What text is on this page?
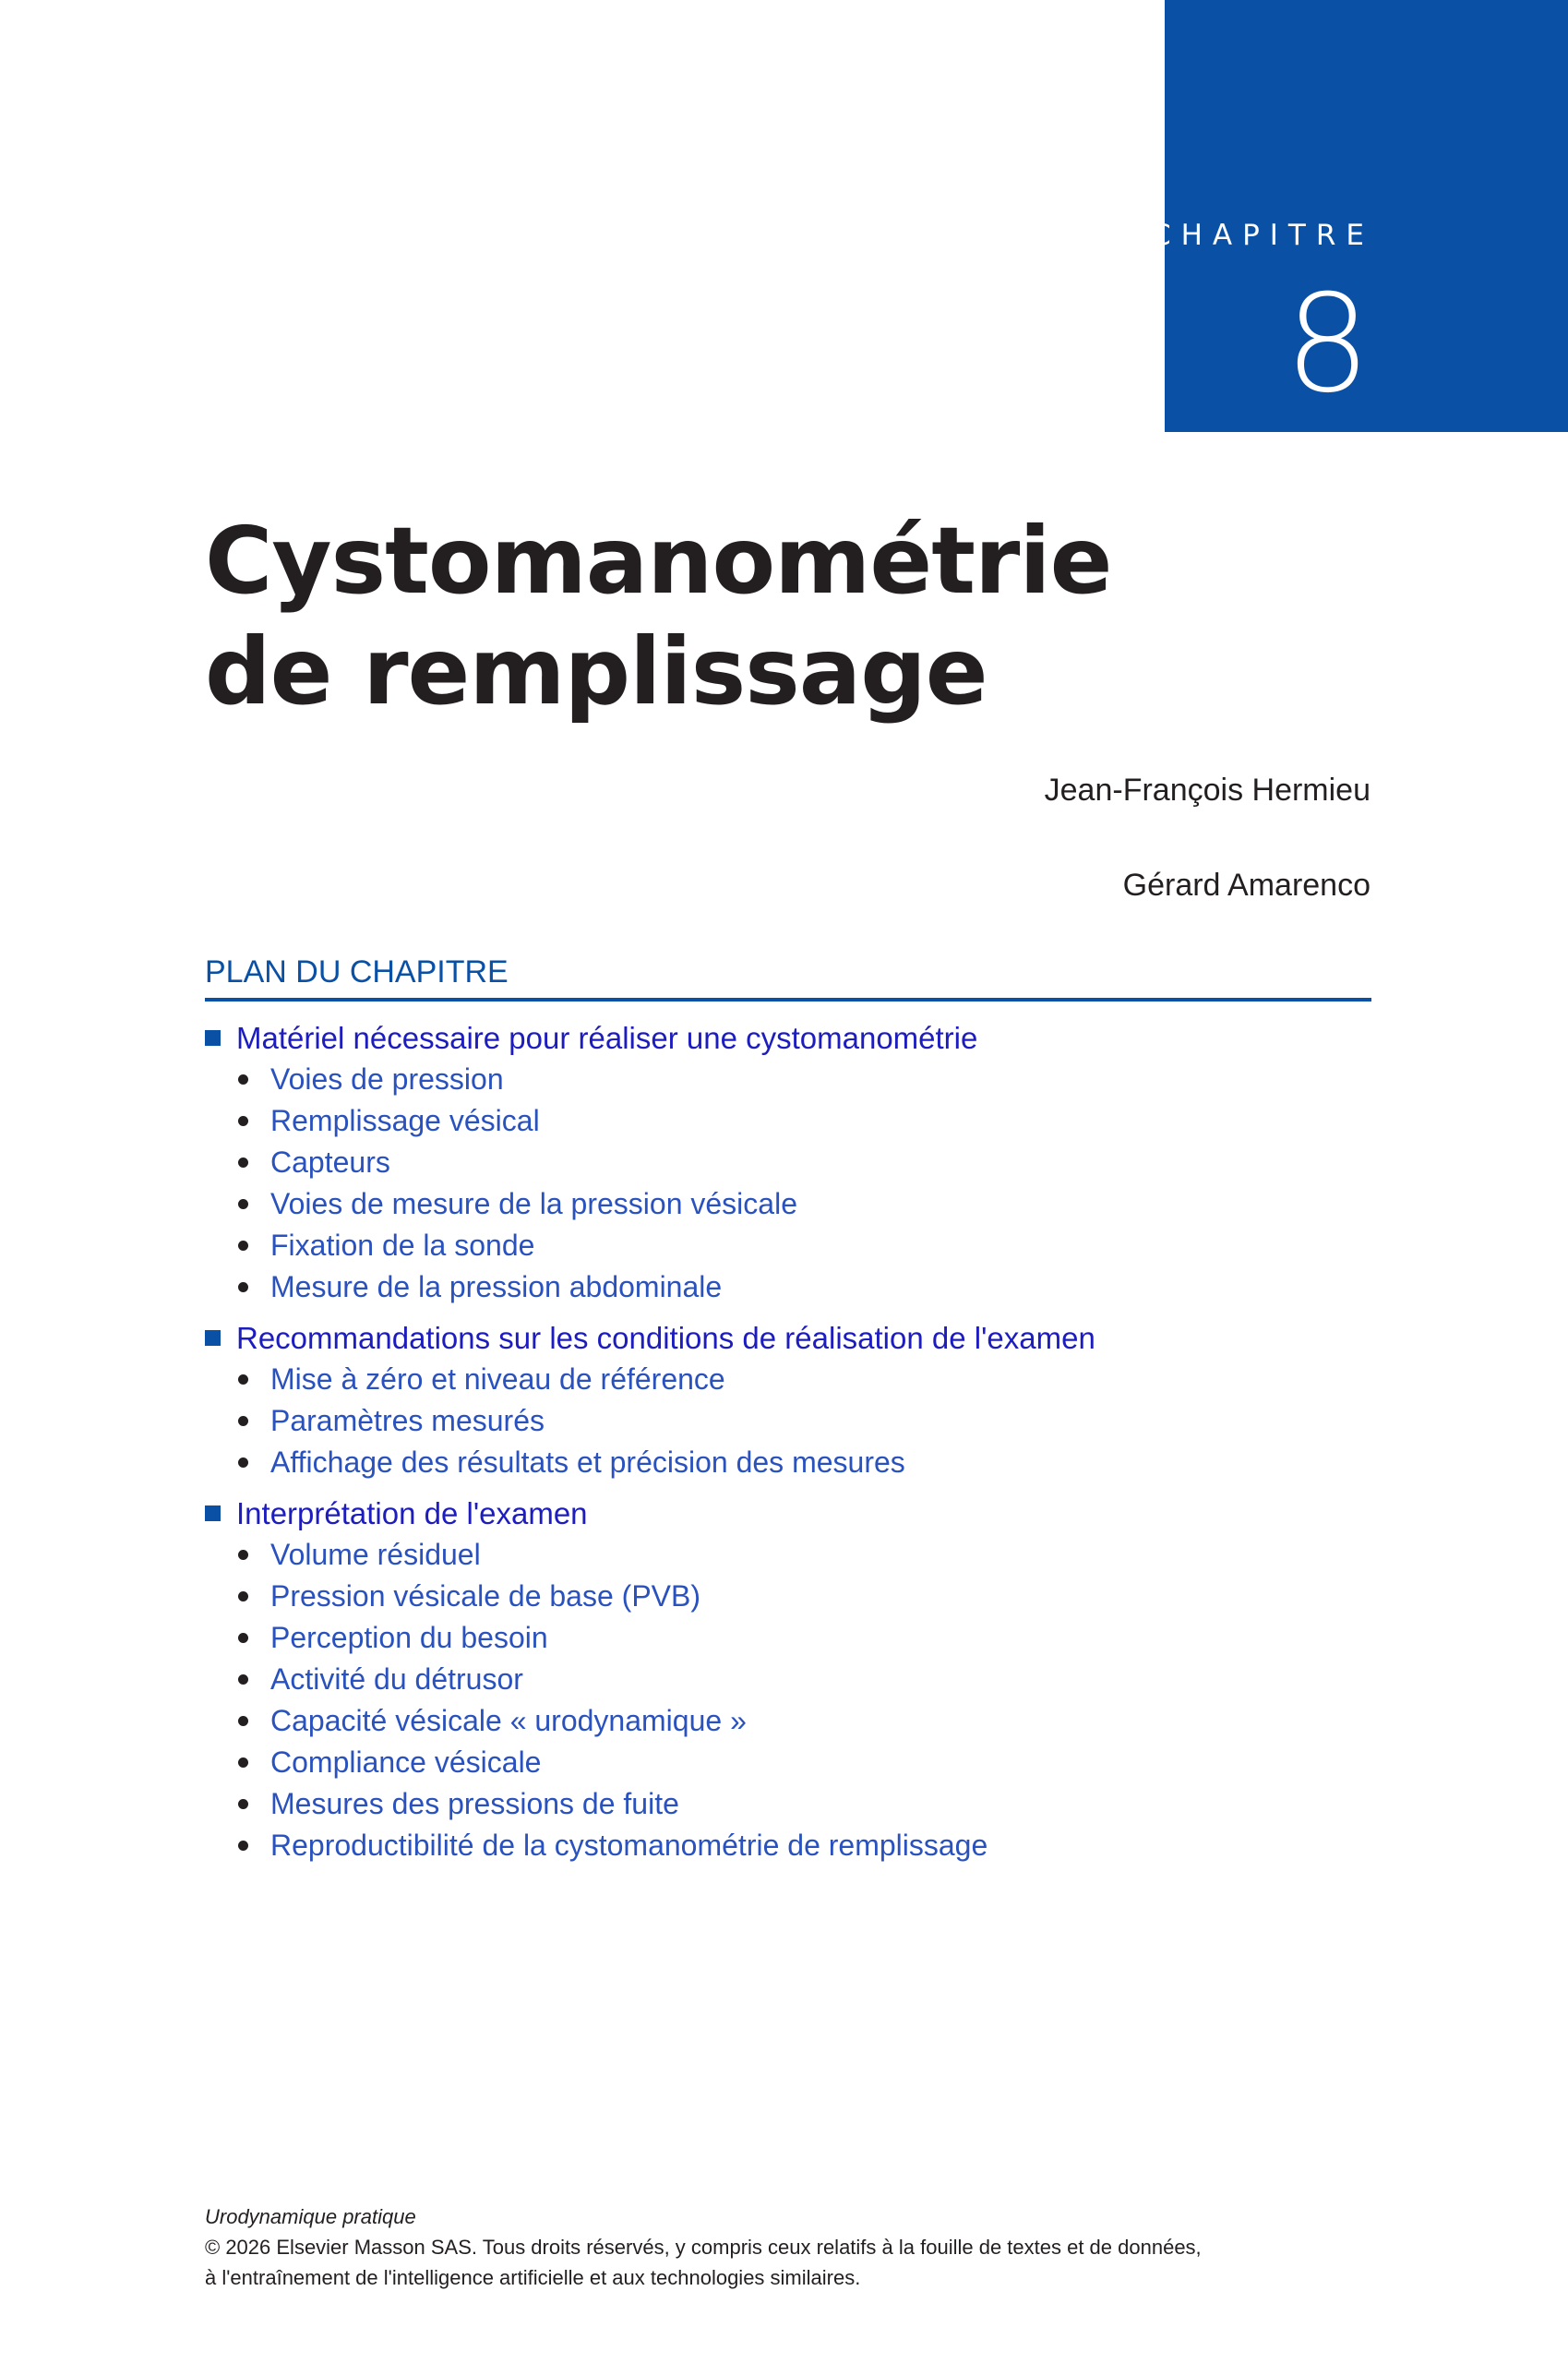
CHAPITRE
8
Cystomanométrie
de remplissage
Jean-François Hermieu
Gérard Amarenco
PLAN DU CHAPITRE
Matériel nécessaire pour réaliser une cystomanométrie
Voies de pression
Remplissage vésical
Capteurs
Voies de mesure de la pression vésicale
Fixation de la sonde
Mesure de la pression abdominale
Recommandations sur les conditions de réalisation de l'examen
Mise à zéro et niveau de référence
Paramètres mesurés
Affichage des résultats et précision des mesures
Interprétation de l'examen
Volume résiduel
Pression vésicale de base (PVB)
Perception du besoin
Activité du détrusor
Capacité vésicale « urodynamique »
Compliance vésicale
Mesures des pressions de fuite
Reproductibilité de la cystomanométrie de remplissage
Urodynamique pratique
© 2026 Elsevier Masson SAS. Tous droits réservés, y compris ceux relatifs à la fouille de textes et de données,
à l'entraînement de l'intelligence artificielle et aux technologies similaires.
